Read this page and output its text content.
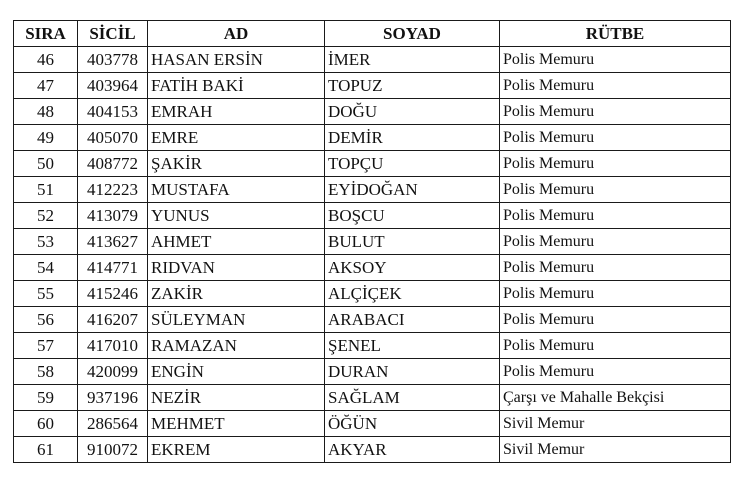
SIRA	SİCİL	AD	SOYAD	RÜTBE
46	403778	HASAN ERSİN	İMER	Polis Memuru
47	403964	FATİH BAKİ	TOPUZ	Polis Memuru
48	404153	EMRAH	DOĞU	Polis Memuru
49	405070	EMRE	DEMİR	Polis Memuru
50	408772	ŞAKİR	TOPÇU	Polis Memuru
51	412223	MUSTAFA	EYİDOĞAN	Polis Memuru
52	413079	YUNUS	BOŞCU	Polis Memuru
53	413627	AHMET	BULUT	Polis Memuru
54	414771	RIDVAN	AKSOY	Polis Memuru
55	415246	ZAKİR	ALÇİÇEK	Polis Memuru
56	416207	SÜLEYMAN	ARABACI	Polis Memuru
57	417010	RAMAZAN	ŞENEL	Polis Memuru
58	420099	ENGİN	DURAN	Polis Memuru
59	937196	NEZİR	SAĞLAM	Çarşı ve Mahalle Bekçisi
60	286564	MEHMET	ÖĞÜN	Sivil Memur
61	910072	EKREM	AKYAR	Sivil Memur
